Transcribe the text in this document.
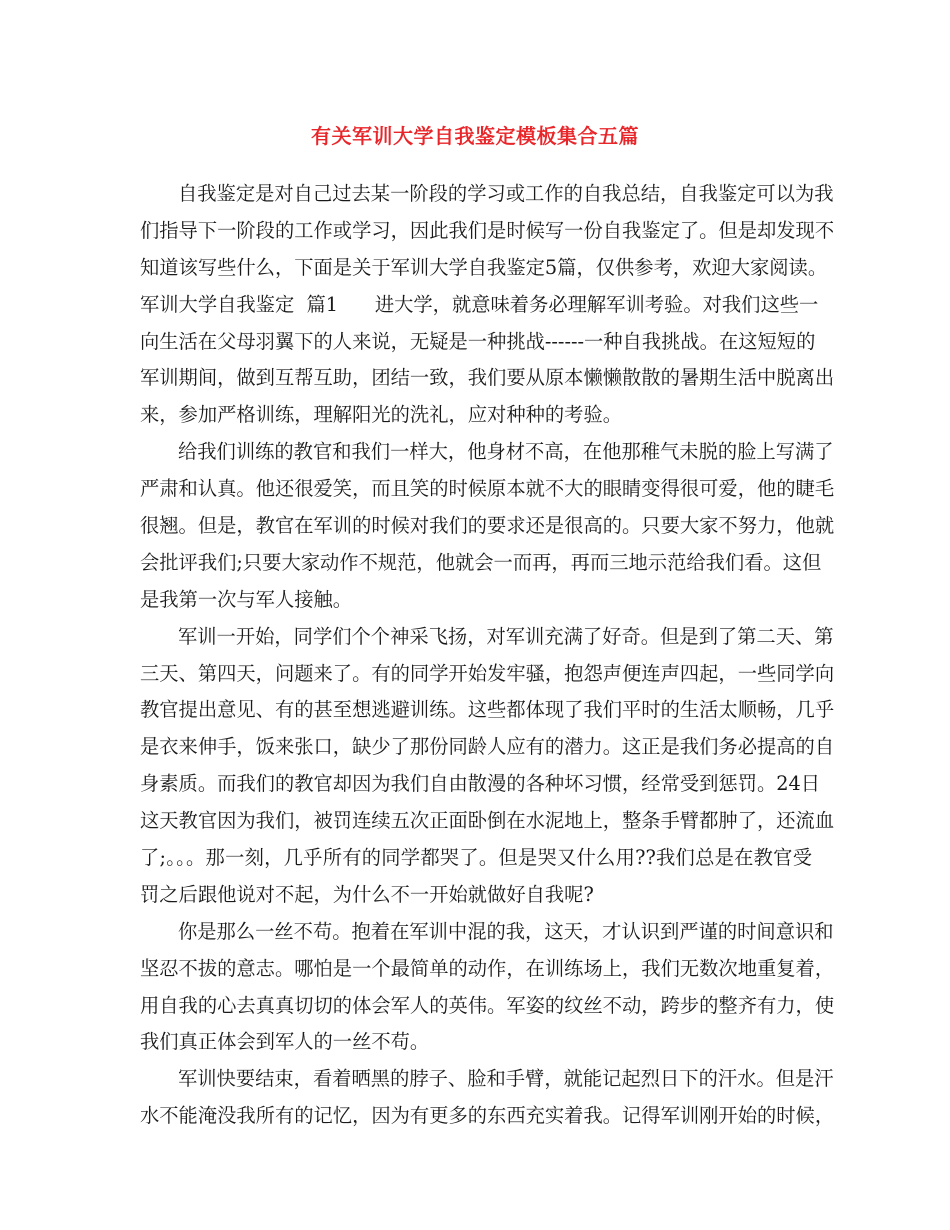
有关军训大学自我鉴定模板集合五篇
自我鉴定是对自己过去某一阶段的学习或工作的自我总结，自我鉴定可以为我
们指导下一阶段的工作或学习，因此我们是时候写一份自我鉴定了。但是却发现不
知道该写些什么，下面是关于军训大学自我鉴定5篇，仅供参考，欢迎大家阅读。
军训大学自我鉴定  篇1      进大学，就意味着务必理解军训考验。对我们这些一
向生活在父母羽翼下的人来说，无疑是一种挑战------一种自我挑战。在这短短的
军训期间，做到互帮互助，团结一致，我们要从原本懒懒散散的暑期生活中脱离出
来，参加严格训练，理解阳光的洗礼，应对种种的考验。
给我们训练的教官和我们一样大，他身材不高，在他那稚气未脱的脸上写满了
严肃和认真。他还很爱笑，而且笑的时候原本就不大的眼睛变得很可爱，他的睫毛
很翘。但是，教官在军训的时候对我们的要求还是很高的。只要大家不努力，他就
会批评我们;只要大家动作不规范，他就会一而再，再而三地示范给我们看。这但
是我第一次与军人接触。
军训一开始，同学们个个神采飞扬，对军训充满了好奇。但是到了第二天、第
三天、第四天，问题来了。有的同学开始发牢骚，抱怨声便连声四起，一些同学向
教官提出意见、有的甚至想逃避训练。这些都体现了我们平时的生活太顺畅，几乎
是衣来伸手，饭来张口，缺少了那份同龄人应有的潜力。这正是我们务必提高的自
身素质。而我们的教官却因为我们自由散漫的各种坏习惯，经常受到惩罚。24日
这天教官因为我们，被罚连续五次正面卧倒在水泥地上，整条手臂都肿了，还流血
了;。。。那一刻，几乎所有的同学都哭了。但是哭又什么用??我们总是在教官受
罚之后跟他说对不起，为什么不一开始就做好自我呢?
你是那么一丝不苟。抱着在军训中混的我，这天，才认识到严谨的时间意识和
坚忍不拔的意志。哪怕是一个最简单的动作，在训练场上，我们无数次地重复着，
用自我的心去真真切切的体会军人的英伟。军姿的纹丝不动，跨步的整齐有力，使
我们真正体会到军人的一丝不苟。
军训快要结束，看着晒黑的脖子、脸和手臂，就能记起烈日下的汗水。但是汗
水不能淹没我所有的记忆，因为有更多的东西充实着我。记得军训刚开始的时候，
